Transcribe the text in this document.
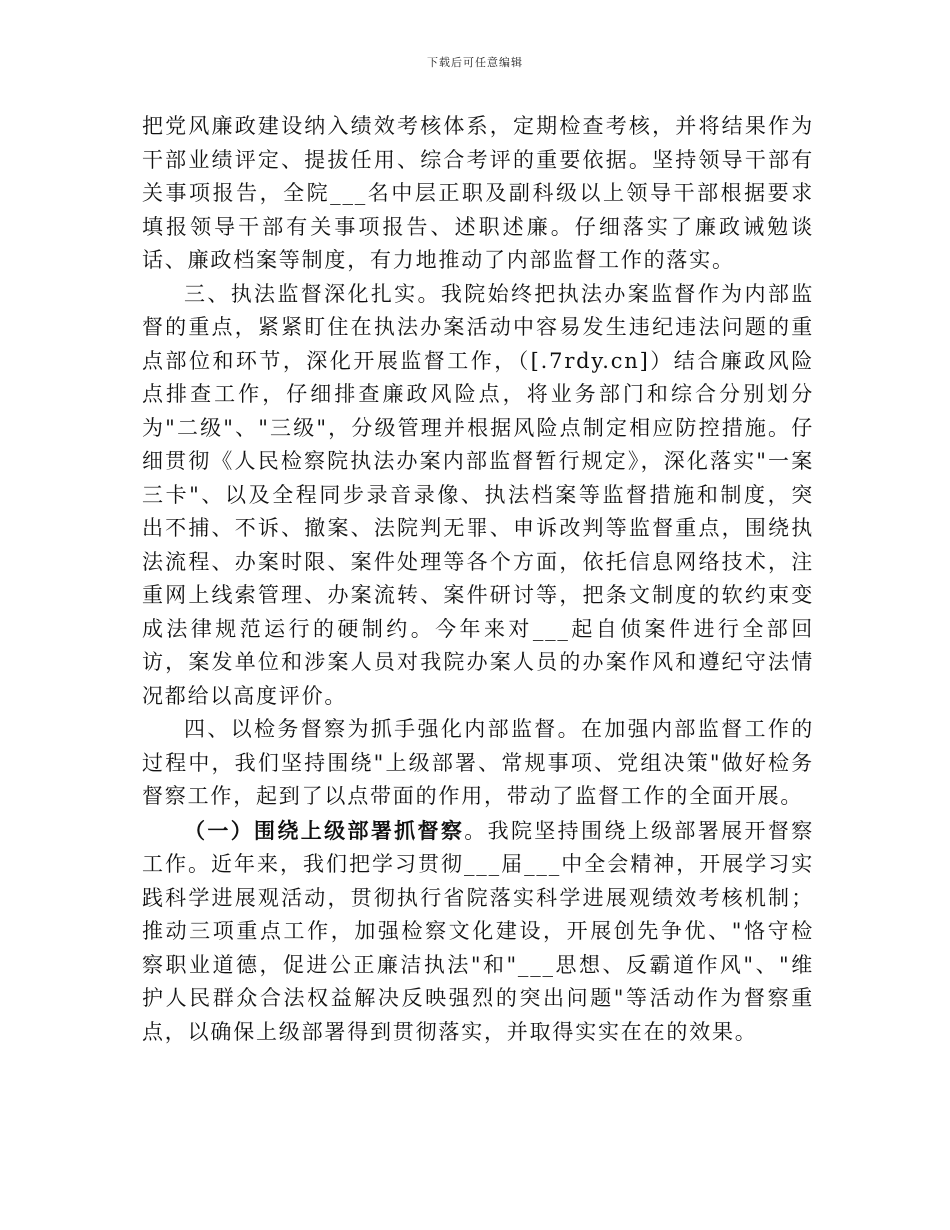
下载后可任意编辑

把党风廉政建设纳入绩效考核体系，定期检查考核，并将结果作为干部业绩评定、提拔任用、综合考评的重要依据。坚持领导干部有关事项报告，全院___名中层正职及副科级以上领导干部根据要求填报领导干部有关事项报告、述职述廉。仔细落实了廉政诫勉谈话、廉政档案等制度，有力地推动了内部监督工作的落实。

三、执法监督深化扎实。我院始终把执法办案监督作为内部监督的重点，紧紧盯住在执法办案活动中容易发生违纪违法问题的重点部位和环节，深化开展监督工作，（[.7rdy.cn]）结合廉政风险点排查工作，仔细排查廉政风险点，将业务部门和综合分别划分为"二级"、"三级"，分级管理并根据风险点制定相应防控措施。仔细贯彻《人民检察院执法办案内部监督暂行规定》，深化落实"一案三卡"、以及全程同步录音录像、执法档案等监督措施和制度，突出不捕、不诉、撤案、法院判无罪、申诉改判等监督重点，围绕执法流程、办案时限、案件处理等各个方面，依托信息网络技术，注重网上线索管理、办案流转、案件研讨等，把条文制度的软约束变成法律规范运行的硬制约。今年来对___起自侦案件进行全部回访，案发单位和涉案人员对我院办案人员的办案作风和遵纪守法情况都给以高度评价。

四、以检务督察为抓手强化内部监督。在加强内部监督工作的过程中，我们坚持围绕"上级部署、常规事项、党组决策"做好检务督察工作，起到了以点带面的作用，带动了监督工作的全面开展。

（一）围绕上级部署抓督察。我院坚持围绕上级部署展开督察工作。近年来，我们把学习贯彻___届___中全会精神，开展学习实践科学进展观活动，贯彻执行省院落实科学进展观绩效考核机制；推动三项重点工作，加强检察文化建设，开展创先争优、"恪守检察职业道德，促进公正廉洁执法"和"___思想、反霸道作风"、"维护人民群众合法权益解决反映强烈的突出问题"等活动作为督察重点，以确保上级部署得到贯彻落实，并取得实实在在的效果。
